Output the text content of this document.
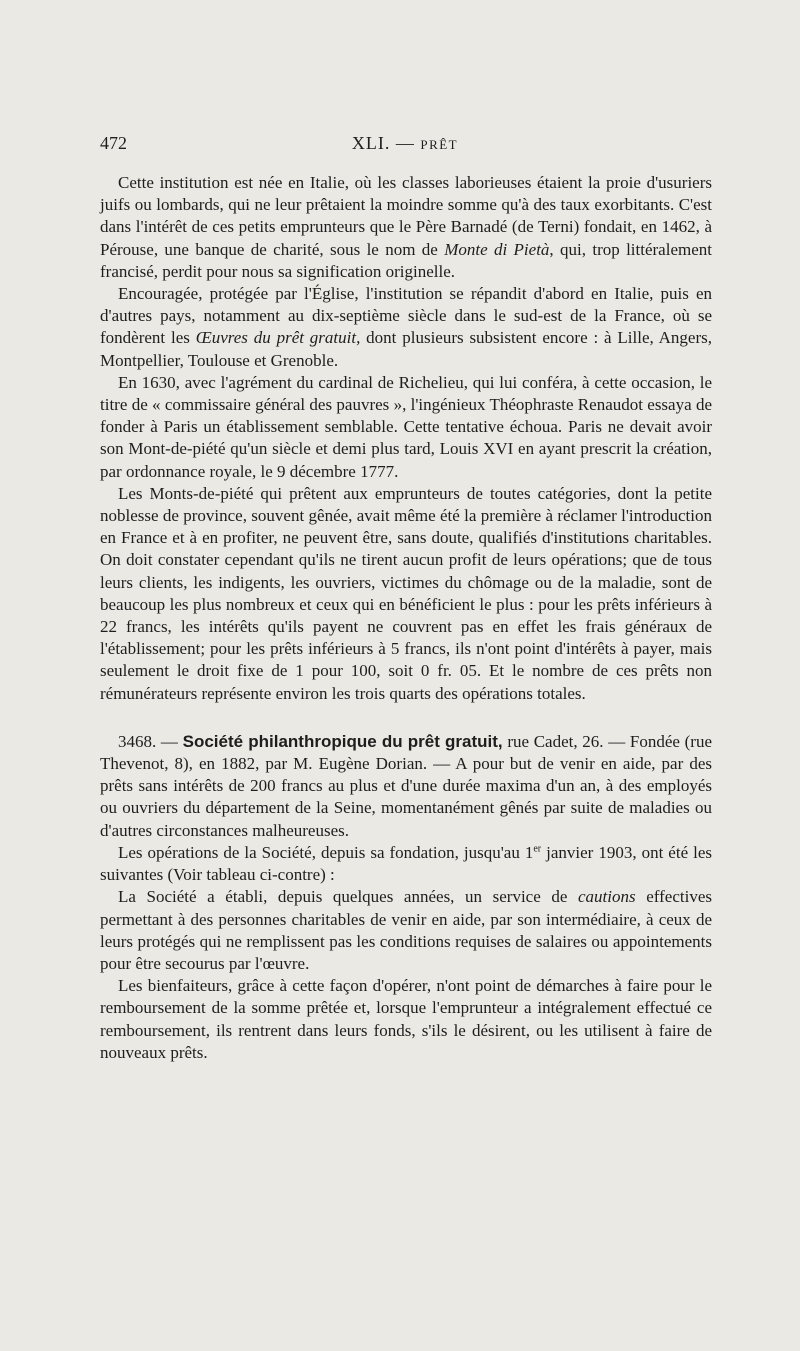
472	XLI. — PRÊT

Cette institution est née en Italie, où les classes laborieuses étaient la proie d'usuriers juifs ou lombards, qui ne leur prêtaient la moindre somme qu'à des taux exorbitants. C'est dans l'intérêt de ces petits emprunteurs que le Père Barnadé (de Terni) fondait, en 1462, à Pérouse, une banque de charité, sous le nom de Monte di Pietà, qui, trop littéralement francisé, perdit pour nous sa signification originelle.

Encouragée, protégée par l'Église, l'institution se répandit d'abord en Italie, puis en d'autres pays, notamment au dix-septième siècle dans le sud-est de la France, où se fondèrent les Œuvres du prêt gratuit, dont plusieurs subsistent encore : à Lille, Angers, Montpellier, Toulouse et Grenoble.

En 1630, avec l'agrément du cardinal de Richelieu, qui lui conféra, à cette occasion, le titre de « commissaire général des pauvres », l'ingénieux Théophraste Renaudot essaya de fonder à Paris un établissement semblable. Cette tentative échoua. Paris ne devait avoir son Mont-de-piété qu'un siècle et demi plus tard, Louis XVI en ayant prescrit la création, par ordonnance royale, le 9 décembre 1777.

Les Monts-de-piété qui prêtent aux emprunteurs de toutes catégories, dont la petite noblesse de province, souvent gênée, avait même été la première à réclamer l'introduction en France et à en profiter, ne peuvent être, sans doute, qualifiés d'institutions charitables. On doit constater cependant qu'ils ne tirent aucun profit de leurs opérations; que de tous leurs clients, les indigents, les ouvriers, victimes du chômage ou de la maladie, sont de beaucoup les plus nombreux et ceux qui en bénéficient le plus : pour les prêts inférieurs à 22 francs, les intérêts qu'ils payent ne couvrent pas en effet les frais généraux de l'établissement; pour les prêts inférieurs à 5 francs, ils n'ont point d'intérêts à payer, mais seulement le droit fixe de 1 pour 100, soit 0 fr. 05. Et le nombre de ces prêts non rémunérateurs représente environ les trois quarts des opérations totales.

3468. — Société philanthropique du prêt gratuit, rue Cadet, 26. — Fondée (rue Thevenot, 8), en 1882, par M. Eugène Dorian. — A pour but de venir en aide, par des prêts sans intérêts de 200 francs au plus et d'une durée maxima d'un an, à des employés ou ouvriers du département de la Seine, momentanément gênés par suite de maladies ou d'autres circonstances malheureuses.

Les opérations de la Société, depuis sa fondation, jusqu'au 1er janvier 1903, ont été les suivantes (Voir tableau ci-contre) :

La Société a établi, depuis quelques années, un service de cautions effectives permettant à des personnes charitables de venir en aide, par son intermédiaire, à ceux de leurs protégés qui ne remplissent pas les conditions requises de salaires ou appointements pour être secourus par l'œuvre.

Les bienfaiteurs, grâce à cette façon d'opérer, n'ont point de démarches à faire pour le remboursement de la somme prêtée et, lorsque l'emprunteur a intégralement effectué ce remboursement, ils rentrent dans leurs fonds, s'ils le désirent, ou les utilisent à faire de nouveaux prêts.
